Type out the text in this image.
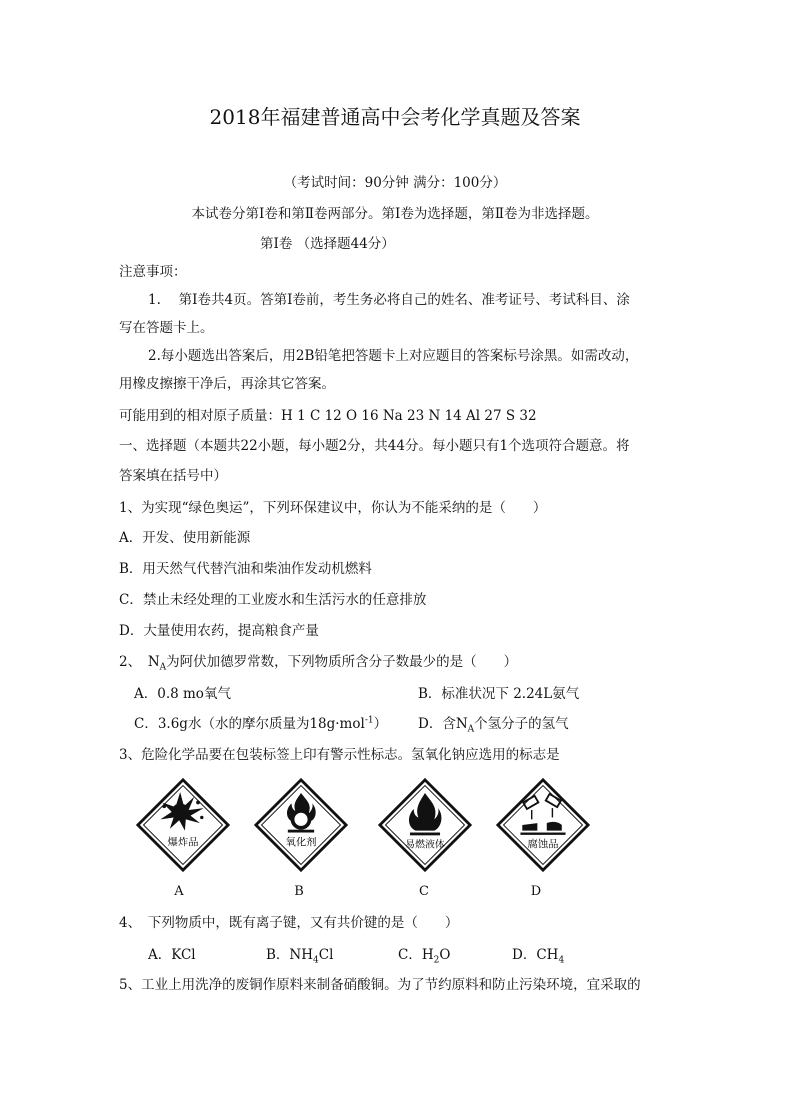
2018年福建普通高中会考化学真题及答案
（考试时间：90分钟 满分：100分）
本试卷分第Ⅰ卷和第Ⅱ卷两部分。第Ⅰ卷为选择题，第Ⅱ卷为非选择题。
第Ⅰ卷 （选择题44分）
注意事项：
1.　 第Ⅰ卷共4页。答第Ⅰ卷前，考生务必将自己的姓名、准考证号、考试科目、涂
写在答题卡上。
2.每小题选出答案后，用2B铅笔把答题卡上对应题目的答案标号涂黑。如需改动，
用橡皮擦擦干净后，再涂其它答案。
可能用到的相对原子质量：H 1 C 12 O 16 Na 23 N 14 Al 27 S 32
一、选择题（本题共22小题，每小题2分，共44分。每小题只有1个选项符合题意。将
答案填在括号中）
1、为实现“绿色奥运”，下列环保建议中，你认为不能采纳的是（　　）
A．开发、使用新能源
B．用天然气代替汽油和柴油作发动机燃料
C．禁止未经处理的工业废水和生活污水的任意排放
D．大量使用农药，提高粮食产量
2、　$N_A$为阿伏加德罗常数，下列物质所含分子数最少的是（　　）
A．0.8 mo氧气	B．标准状况下 2.24L氨气
C．3.6g水（水的摩尔质量为18g·mol$^{-1}$） D．含$N_A$个氢分子的氢气
3、危险化学品要在包装标签上印有警示性标志。氢氧化钠应选用的标志是
爆炸品	氧化剂	易燃液体	腐蚀品
A	B	C	D
4、　下列物质中，既有离子键，又有共价键的是（　　）
A．KCl	B．$NH_4Cl$	C．$H_2O$	D．$CH_4$
5、工业上用洗净的废铜作原料来制备硝酸铜。为了节约原料和防止污染环境，宜采取的
